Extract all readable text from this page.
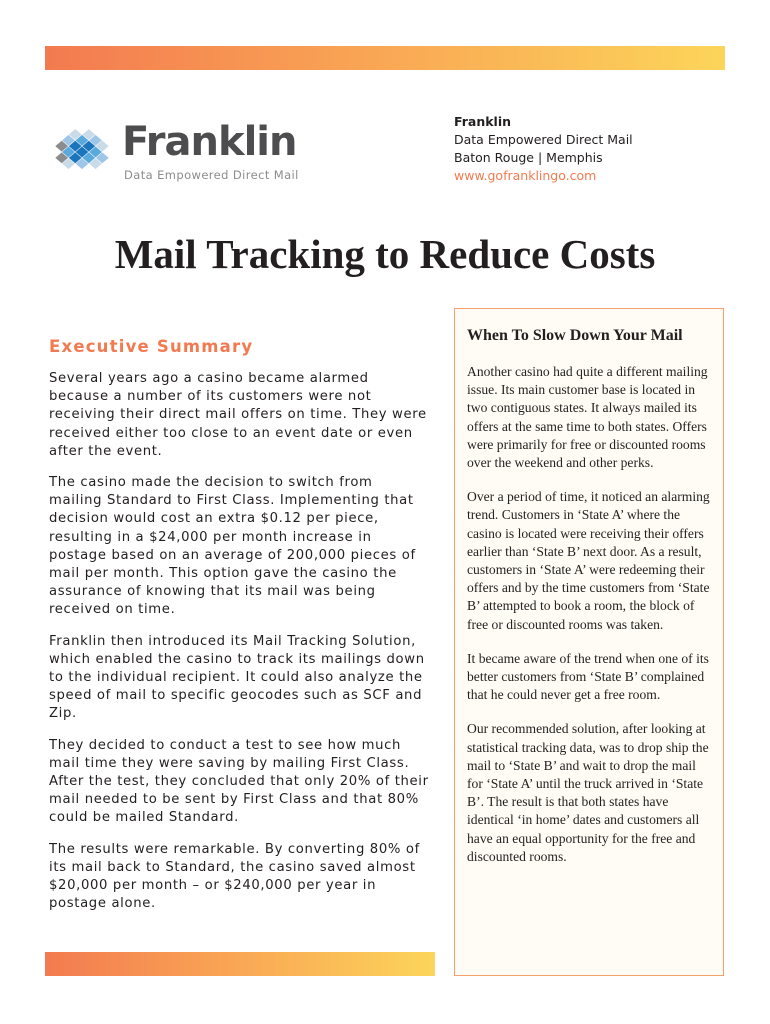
Franklin
Data Empowered Direct Mail
Franklin
Data Empowered Direct Mail
Baton Rouge | Memphis
www.gofranklingo.com
Mail Tracking to Reduce Costs
Executive Summary

Several years ago a casino became alarmed because a number of its customers were not receiving their direct mail offers on time. They were received either too close to an event date or even after the event.

The casino made the decision to switch from mailing Standard to First Class. Implementing that decision would cost an extra $0.12 per piece, resulting in a $24,000 per month increase in postage based on an average of 200,000 pieces of mail per month. This option gave the casino the assurance of knowing that its mail was being received on time.

Franklin then introduced its Mail Tracking Solution, which enabled the casino to track its mailings down to the individual recipient. It could also analyze the speed of mail to specific geocodes such as SCF and Zip.

They decided to conduct a test to see how much mail time they were saving by mailing First Class. After the test, they concluded that only 20% of their mail needed to be sent by First Class and that 80% could be mailed Standard.

The results were remarkable. By converting 80% of its mail back to Standard, the casino saved almost $20,000 per month – or $240,000 per year in postage alone.

When To Slow Down Your Mail

Another casino had quite a different mailing issue. Its main customer base is located in two contiguous states. It always mailed its offers at the same time to both states. Offers were primarily for free or discounted rooms over the weekend and other perks.

Over a period of time, it noticed an alarming trend. Customers in ‘State A’ where the casino is located were receiving their offers earlier than ‘State B’ next door. As a result, customers in ‘State A’ were redeeming their offers and by the time customers from ‘State B’ attempted to book a room, the block of free or discounted rooms was taken.

It became aware of the trend when one of its better customers from ‘State B’ complained that he could never get a free room.

Our recommended solution, after looking at statistical tracking data, was to drop ship the mail to ‘State B’ and wait to drop the mail for ‘State A’ until the truck arrived in ‘State B’. The result is that both states have identical ‘in home’ dates and customers all have an equal opportunity for the free and discounted rooms.
